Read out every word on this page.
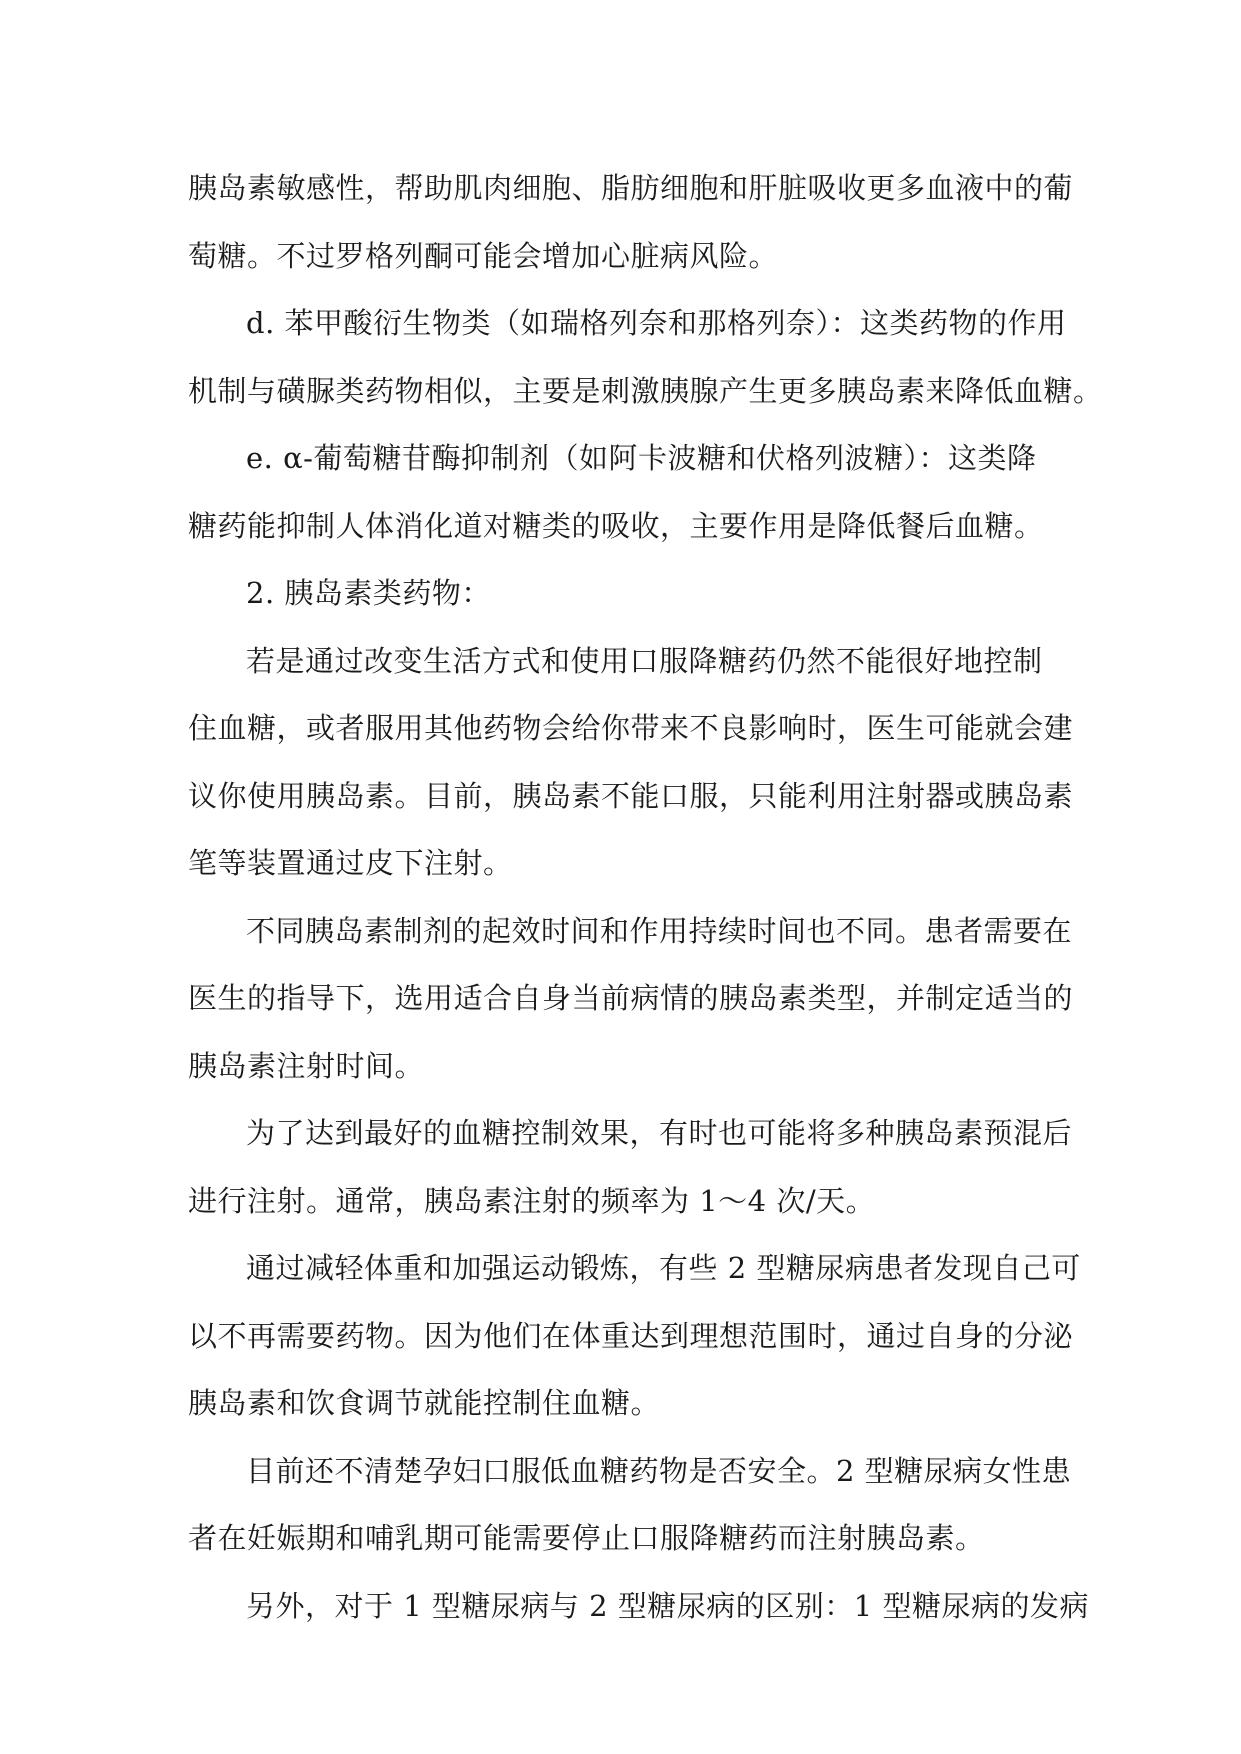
胰岛素敏感性，帮助肌肉细胞、脂肪细胞和肝脏吸收更多血液中的葡
萄糖。不过罗格列酮可能会增加心脏病风险。
d. 苯甲酸衍生物类（如瑞格列奈和那格列奈）：这类药物的作用
机制与磺脲类药物相似，主要是刺激胰腺产生更多胰岛素来降低血糖。
e. α-葡萄糖苷酶抑制剂（如阿卡波糖和伏格列波糖）：这类降
糖药能抑制人体消化道对糖类的吸收，主要作用是降低餐后血糖。
2. 胰岛素类药物：
若是通过改变生活方式和使用口服降糖药仍然不能很好地控制
住血糖，或者服用其他药物会给你带来不良影响时，医生可能就会建
议你使用胰岛素。目前，胰岛素不能口服，只能利用注射器或胰岛素
笔等装置通过皮下注射。
不同胰岛素制剂的起效时间和作用持续时间也不同。患者需要在
医生的指导下，选用适合自身当前病情的胰岛素类型，并制定适当的
胰岛素注射时间。
为了达到最好的血糖控制效果，有时也可能将多种胰岛素预混后
进行注射。通常，胰岛素注射的频率为 1～4 次/天。
通过减轻体重和加强运动锻炼，有些 2 型糖尿病患者发现自己可
以不再需要药物。因为他们在体重达到理想范围时，通过自身的分泌
胰岛素和饮食调节就能控制住血糖。
目前还不清楚孕妇口服低血糖药物是否安全。2 型糖尿病女性患
者在妊娠期和哺乳期可能需要停止口服降糖药而注射胰岛素。
另外，对于 1 型糖尿病与 2 型糖尿病的区别：1 型糖尿病的发病
